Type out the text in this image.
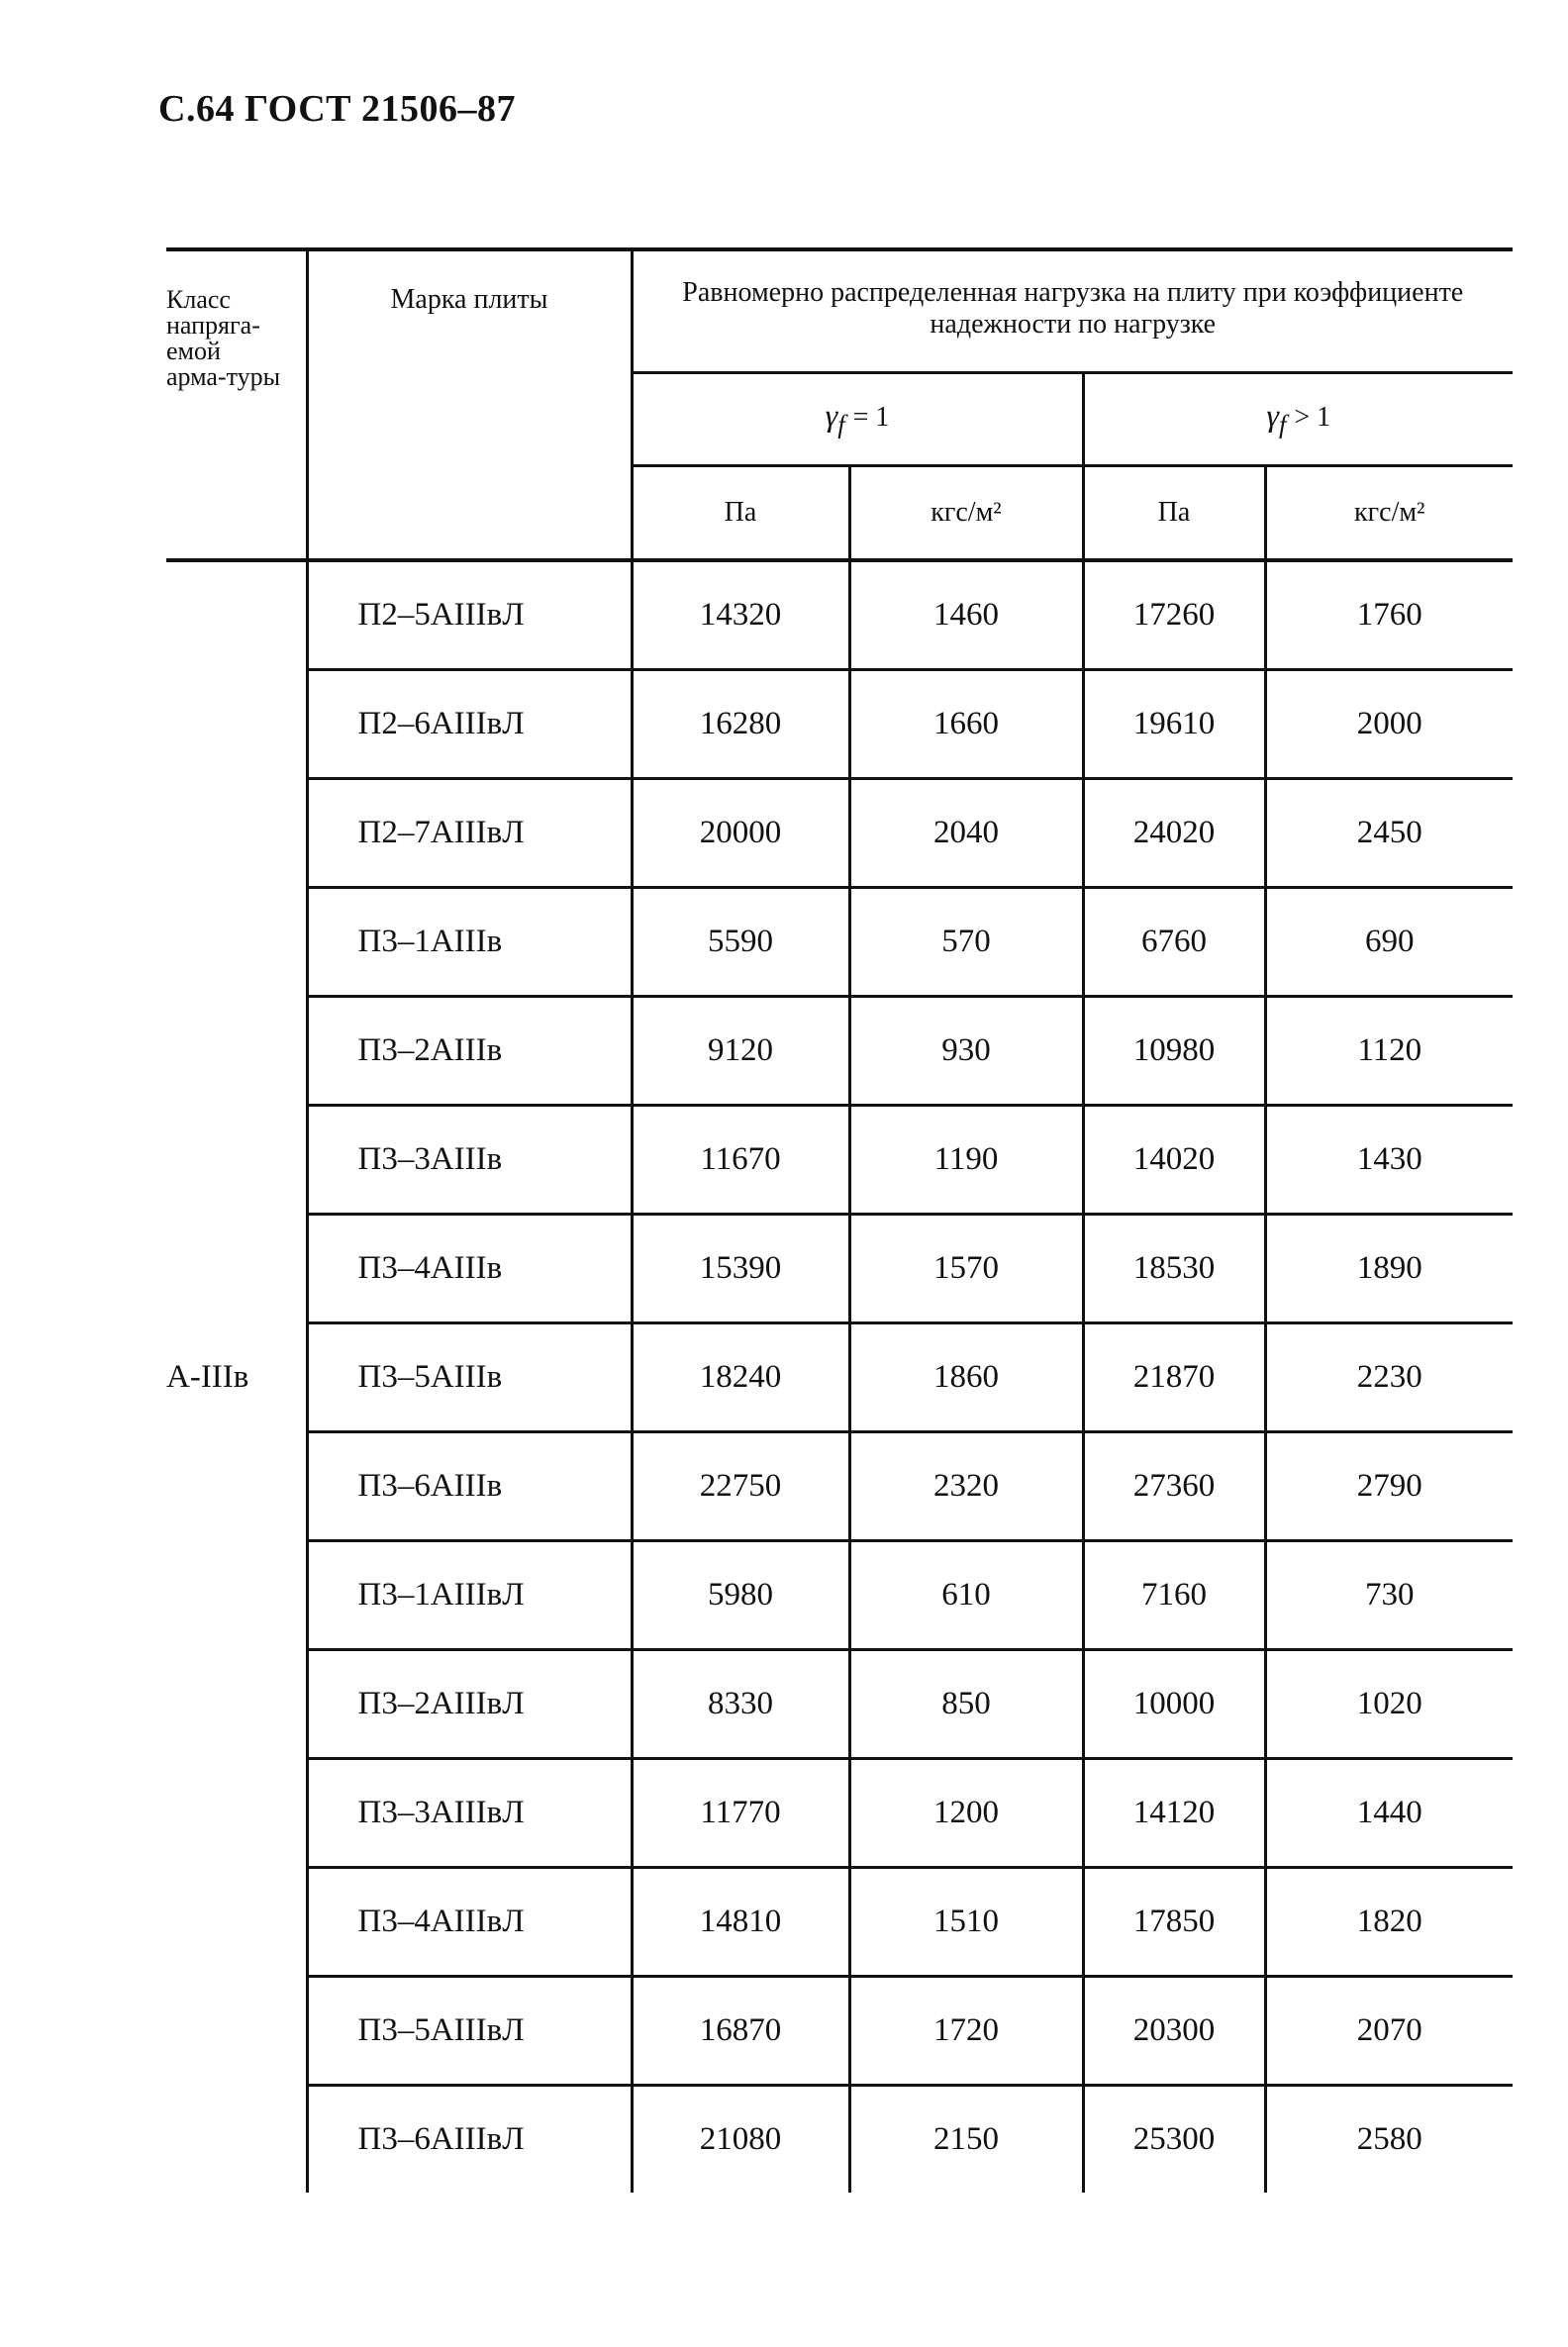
С.64 ГОСТ 21506–87
Класс напряга-емой арма-туры	Марка плиты	Равномерно распределенная нагрузка на плиту при коэффициенте надежности по нагрузке			
		$\gamma_f = 1$		$\gamma_f > 1$	
		Па	кгс/м²	Па	кгс/м²
А-IIIв	П2–5АIIIвЛ	14320	1460	17260	1760
	П2–6АIIIвЛ	16280	1660	19610	2000
	П2–7АIIIвЛ	20000	2040	24020	2450
	П3–1АIIIв	5590	570	6760	690
	П3–2АIIIв	9120	930	10980	1120
	П3–3АIIIв	11670	1190	14020	1430
	П3–4АIIIв	15390	1570	18530	1890
	П3–5АIIIв	18240	1860	21870	2230
	П3–6АIIIв	22750	2320	27360	2790
	П3–1АIIIвЛ	5980	610	7160	730
	П3–2АIIIвЛ	8330	850	10000	1020
	П3–3АIIIвЛ	11770	1200	14120	1440
	П3–4АIIIвЛ	14810	1510	17850	1820
	П3–5АIIIвЛ	16870	1720	20300	2070
	П3–6АIIIвЛ	21080	2150	25300	2580
